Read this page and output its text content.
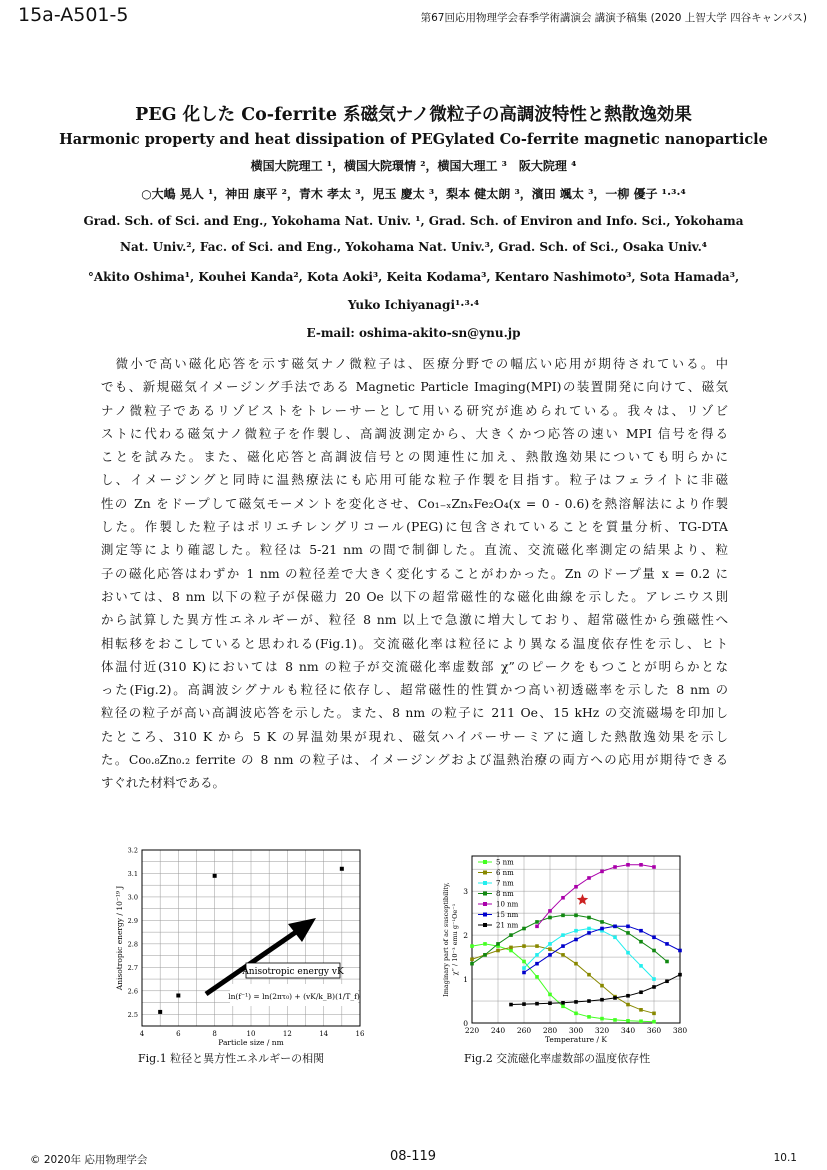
15a-A501-5	第67回応用物理学会春季学術講演会 講演予稿集 (2020 上智大学 四谷キャンパス)
PEG 化した Co-ferrite 系磁気ナノ微粒子の高調波特性と熱散逸効果
Harmonic property and heat dissipation of PEGylated Co-ferrite magnetic nanoparticle
横国大院理工 ¹，横国大院環情 ²，横国大理工 ³　阪大院理 ⁴
○大嶋 晃人 ¹，神田 康平 ²，青木 孝太 ³，児玉 慶太 ³，梨本 健太朗 ³，濱田 颯太 ³，一柳 優子 ¹·³·⁴
Grad. Sch. of Sci. and Eng., Yokohama Nat. Univ. ¹, Grad. Sch. of Environ and Info. Sci., Yokohama
Nat. Univ.², Fac. of Sci. and Eng., Yokohama Nat. Univ.³, Grad. Sch. of Sci., Osaka Univ.⁴
°Akito Oshima¹, Kouhei Kanda², Kota Aoki³, Keita Kodama³, Kentaro Nashimoto³, Sota Hamada³,
Yuko Ichiyanagi¹·³·⁴
E-mail: oshima-akito-sn@ynu.jp
　微小で高い磁化応答を示す磁気ナノ微粒子は、医療分野での幅広い応用が期待されている。中
でも、新規磁気イメージング手法である Magnetic Particle Imaging(MPI)の装置開発に向けて、磁気
ナノ微粒子であるリゾビストをトレーサーとして用いる研究が進められている。我々は、リゾビ
ストに代わる磁気ナノ微粒子を作製し、高調波測定から、大きくかつ応答の速い MPI 信号を得る
ことを試みた。また、磁化応答と高調波信号との関連性に加え、熱散逸効果についても明らかに
し、イメージングと同時に温熱療法にも応用可能な粒子作製を目指す。粒子はフェライトに非磁
性の Zn をドープして磁気モーメントを変化させ、Co₁₋ₓZnₓFe₂O₄(x = 0 - 0.6)を熱溶解法により作製
した。作製した粒子はポリエチレングリコール(PEG)に包含されていることを質量分析、TG-DTA
測定等により確認した。粒径は 5-21 nm の間で制御した。直流、交流磁化率測定の結果より、粒
子の磁化応答はわずか 1 nm の粒径差で大きく変化することがわかった。Zn のドープ量 x = 0.2 に
おいては、8 nm 以下の粒子が保磁力 20 Oe 以下の超常磁性的な磁化曲線を示した。アレニウス則
から試算した異方性エネルギーが、粒径 8 nm 以上で急激に増大しており、超常磁性から強磁性へ
相転移をおこしていると思われる(Fig.1)。交流磁化率は粒径により異なる温度依存性を示し、ヒト
体温付近(310 K)においては 8 nm の粒子が交流磁化率虚数部 χ”のピークをもつことが明らかとな
った(Fig.2)。高調波シグナルも粒径に依存し、超常磁性的性質かつ高い初透磁率を示した 8 nm の
粒径の粒子が高い高調波応答を示した。また、8 nm の粒子に 211 Oe、15 kHz の交流磁場を印加し
たところ、310 K から 5 K の昇温効果が現れ、磁気ハイパーサーミアに適した熱散逸効果を示し
た。Co₀.₈Zn₀.₂ ferrite の 8 nm の粒子は、イメージングおよび温熱治療の両方への応用が期待できる
すぐれた材料である。
4	6	8	10	12	14	16
2.5
2.6
2.7
2.8
2.9
3.0
3.1
3.2
Particle size / nm
Anisotropic energy / 10⁻¹⁹ J	Anisotropic energy vK
ln(f⁻¹) = ln(2πτ₀) + (vK/k_B)(1/T_f)
Fig.1 粒径と異方性エネルギーの相関
220 240 260 280 300 320 340 360 380
0
1
2
3
Temperature / K
Imaginary part of ac susceptibility, χ” / 10⁻³ emu g⁻¹Oe⁻¹
5 nm
6 nm
7 nm
8 nm
10 nm
15 nm
21 nm
Fig.2 交流磁化率虚数部の温度依存性
© 2020年 応用物理学会	08-119	10.1
